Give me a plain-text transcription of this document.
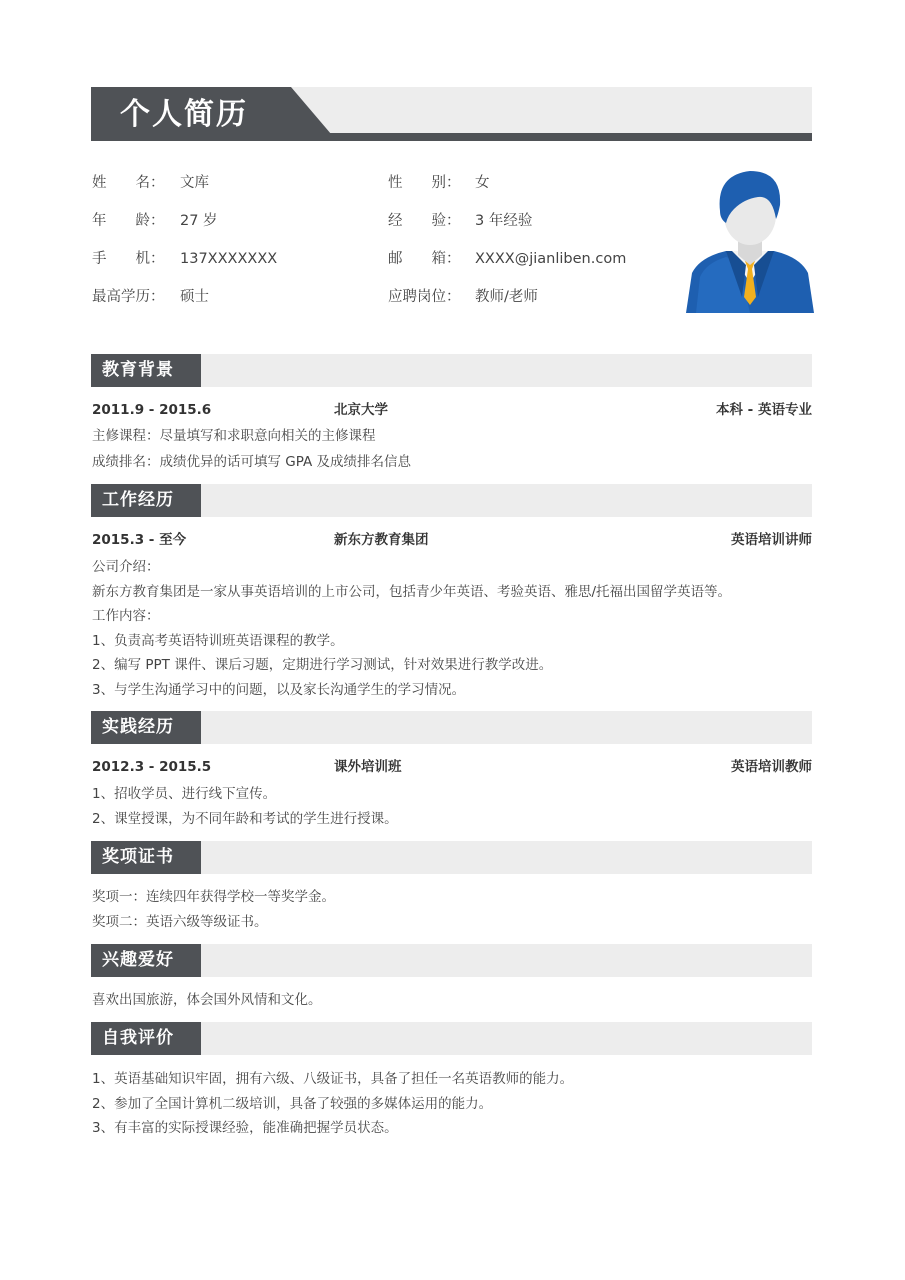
个人简历
姓　　名： 文库	性　　别： 女
年　　龄： 27 岁	经　　验： 3 年经验
手　　机： 137XXXXXXX	邮　　箱： XXXX@jianliben.com
最高学历： 硕士	应聘岗位： 教师/老师
教育背景
2011.9 - 2015.6	北京大学	本科 - 英语专业
主修课程：尽量填写和求职意向相关的主修课程
成绩排名：成绩优异的话可填写 GPA 及成绩排名信息
工作经历
2015.3 - 至今	新东方教育集团	英语培训讲师
公司介绍：
新东方教育集团是一家从事英语培训的上市公司，包括青少年英语、考验英语、雅思/托福出国留学英语等。
工作内容：
1、负责高考英语特训班英语课程的教学。
2、编写 PPT 课件、课后习题，定期进行学习测试，针对效果进行教学改进。
3、与学生沟通学习中的问题，以及家长沟通学生的学习情况。
实践经历
2012.3 - 2015.5	课外培训班	英语培训教师
1、招收学员、进行线下宣传。
2、课堂授课，为不同年龄和考试的学生进行授课。
奖项证书
奖项一：连续四年获得学校一等奖学金。
奖项二：英语六级等级证书。
兴趣爱好
喜欢出国旅游，体会国外风情和文化。
自我评价
1、英语基础知识牢固，拥有六级、八级证书，具备了担任一名英语教师的能力。
2、参加了全国计算机二级培训，具备了较强的多媒体运用的能力。
3、有丰富的实际授课经验，能准确把握学员状态。
